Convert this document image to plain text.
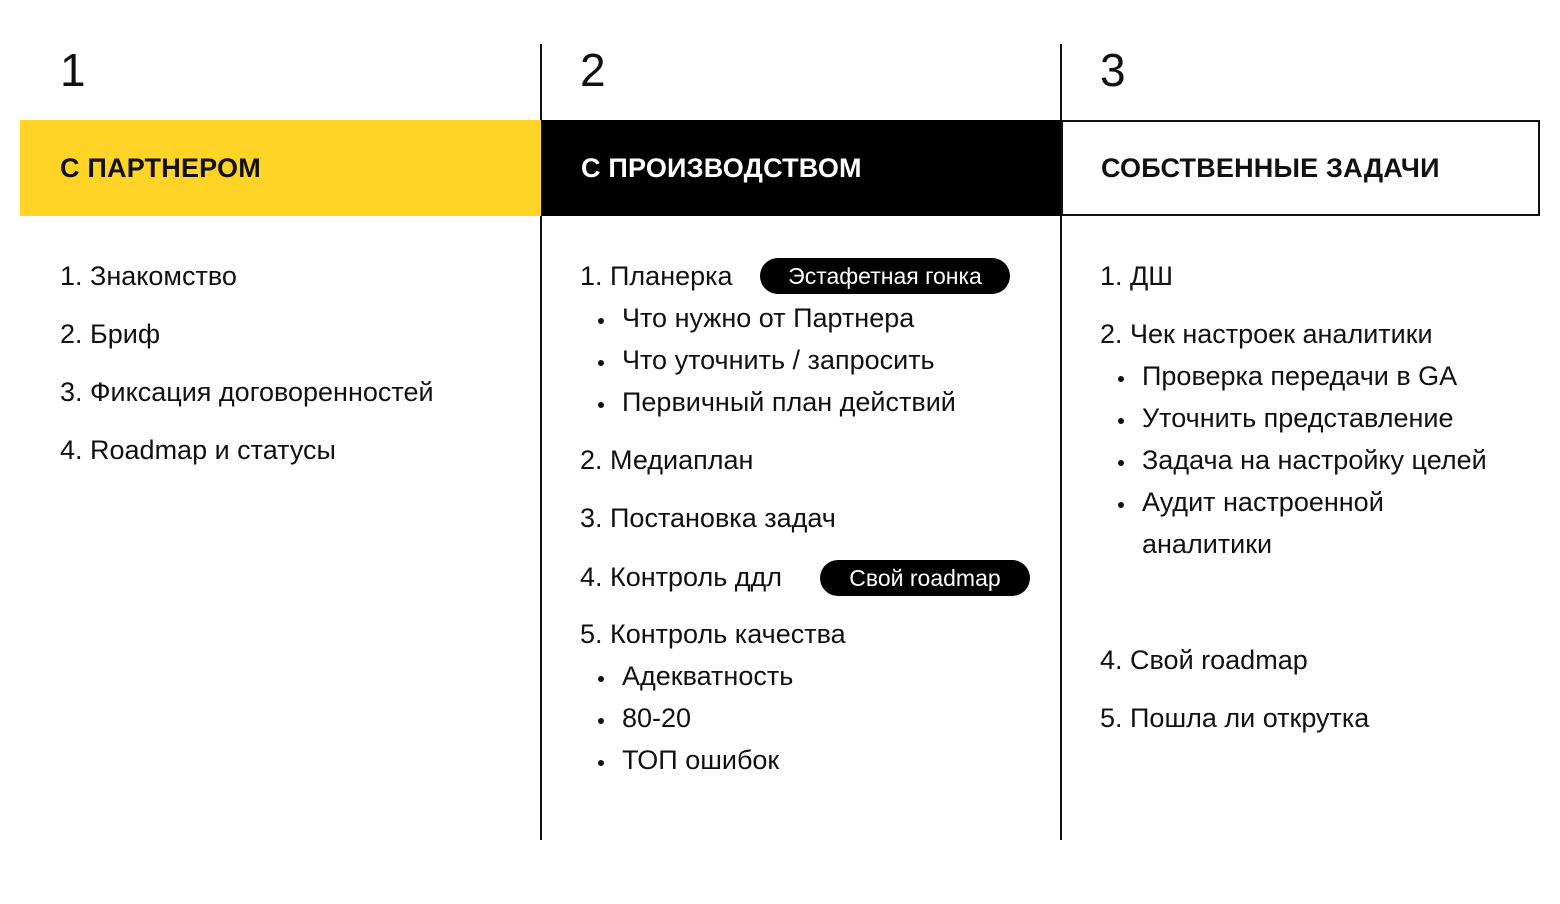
1	2	3
С ПАРТНЕРОМ	С ПРОИЗВОДСТВОМ	СОБСТВЕННЫЕ ЗАДАЧИ
1. Знакомство
2. Бриф
3. Фиксация договоренностей
4. Roadmap и статусы
1. Планерка	Эстафетная гонка
Что нужно от Партнера
Что уточнить / запросить
Первичный план действий
2. Медиаплан
3. Постановка задач
4. Контроль ддл	Свой roadmap
5. Контроль качества
Адекватность
80-20
ТОП ошибок
1. ДШ
2. Чек настроек аналитики
Проверка передачи в GA
Уточнить представление
Задача на настройку целей
Аудит настроенной
аналитики
4. Свой roadmap
5. Пошла ли открутка
